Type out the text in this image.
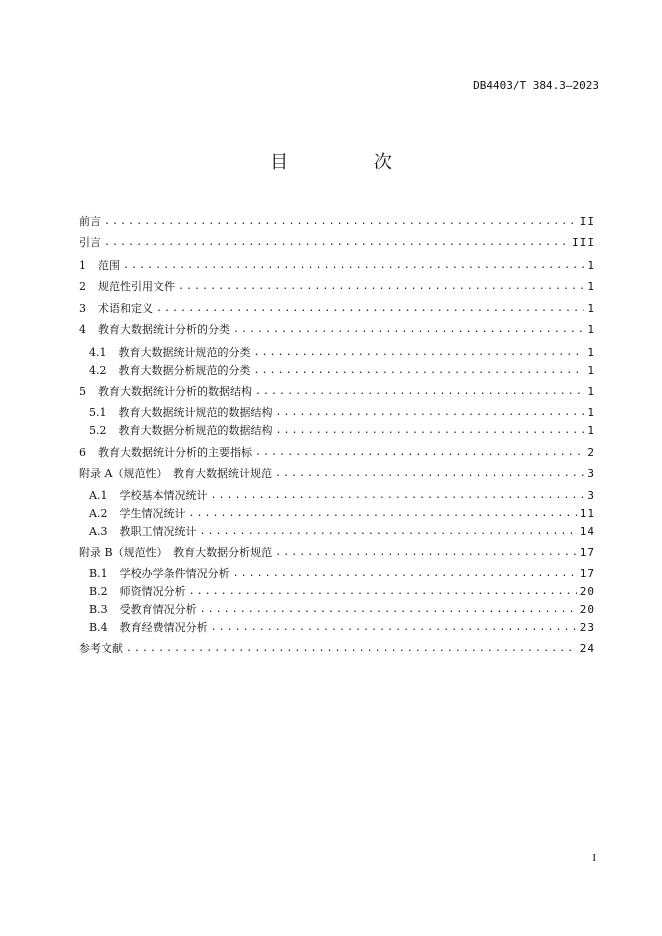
DB4403/T 384.3—2023
目 次
前言 .....	II
引言 .....	III
1 范围 .....	1
2 规范性引用文件 .....	1
3 术语和定义 .....	1
4 教育大数据统计分析的分类 .....	1
4.1 教育大数据统计规范的分类 .....	1
4.2 教育大数据分析规范的分类 .....	1
5 教育大数据统计分析的数据结构 .....	1
5.1 教育大数据统计规范的数据结构 .....	1
5.2 教育大数据分析规范的数据结构 .....	1
6 教育大数据统计分析的主要指标 .....	2
附录 A（规范性）　教育大数据统计规范 .....	3
A.1 学校基本情况统计 .....	3
A.2 学生情况统计 .....	11
A.3 教职工情况统计 .....	14
附录 B（规范性）　教育大数据分析规范 .....	17
B.1 学校办学条件情况分析 .....	17
B.2 师资情况分析 .....	20
B.3 受教育情况分析 .....	20
B.4 教育经费情况分析 .....	23
参考文献 .....	24
I
